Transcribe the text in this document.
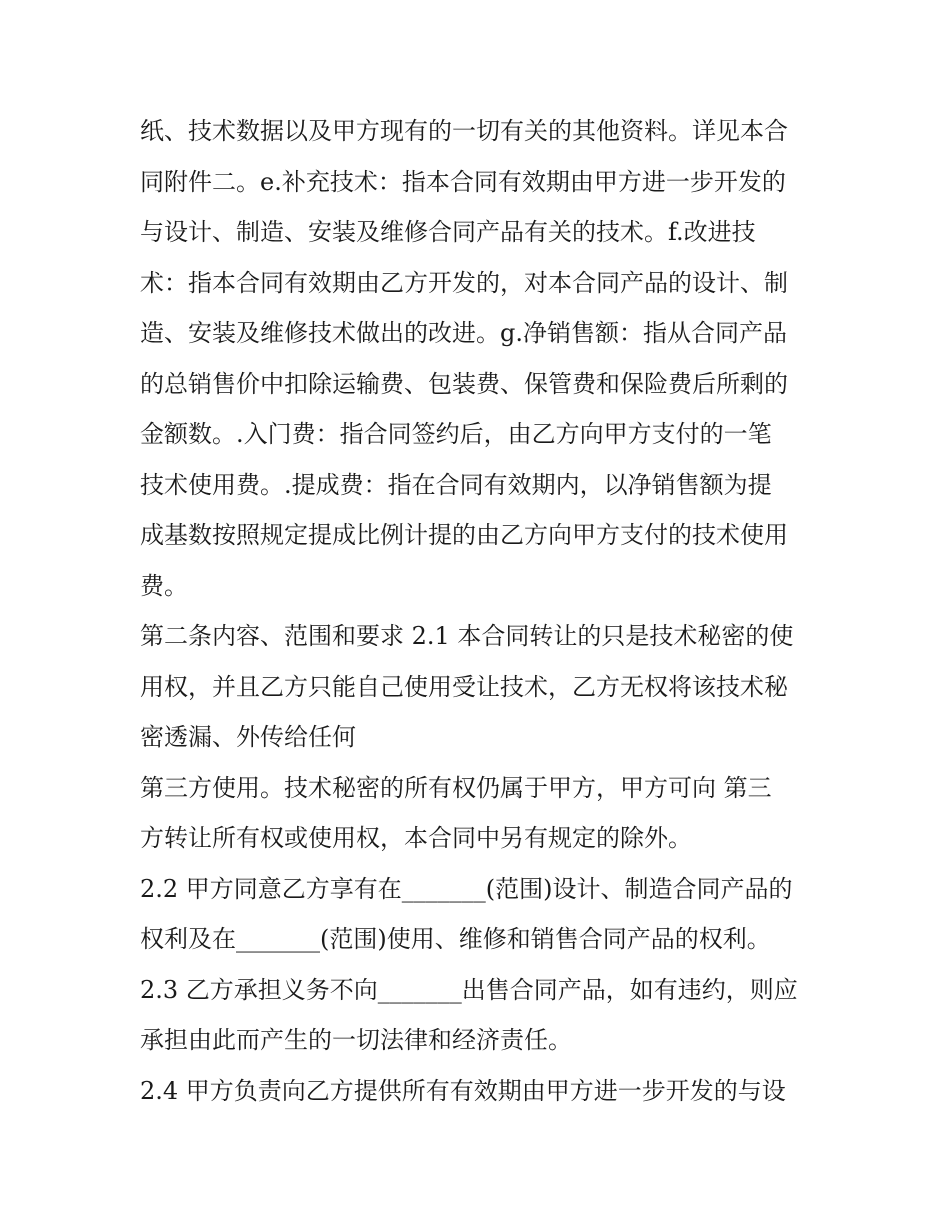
纸、技术数据以及甲方现有的一切有关的其他资料。详见本合
同附件二。e.补充技术：指本合同有效期由甲方进一步开发的
与设计、制造、安装及维修合同产品有关的技术。f.改进技
术：指本合同有效期由乙方开发的，对本合同产品的设计、制
造、安装及维修技术做出的改进。g.净销售额：指从合同产品
的总销售价中扣除运输费、包装费、保管费和保险费后所剩的
金额数。.入门费：指合同签约后，由乙方向甲方支付的一笔
技术使用费。.提成费：指在合同有效期内，以净销售额为提
成基数按照规定提成比例计提的由乙方向甲方支付的技术使用
费。
第二条内容、范围和要求 2.1 本合同转让的只是技术秘密的使
用权，并且乙方只能自己使用受让技术，乙方无权将该技术秘
密透漏、外传给任何
第三方使用。技术秘密的所有权仍属于甲方，甲方可向 第三
方转让所有权或使用权，本合同中另有规定的除外。
2.2 甲方同意乙方享有在_______(范围)设计、制造合同产品的
权利及在_______(范围)使用、维修和销售合同产品的权利。
2.3 乙方承担义务不向_______出售合同产品，如有违约，则应
承担由此而产生的一切法律和经济责任。
2.4 甲方负责向乙方提供所有有效期由甲方进一步开发的与设
